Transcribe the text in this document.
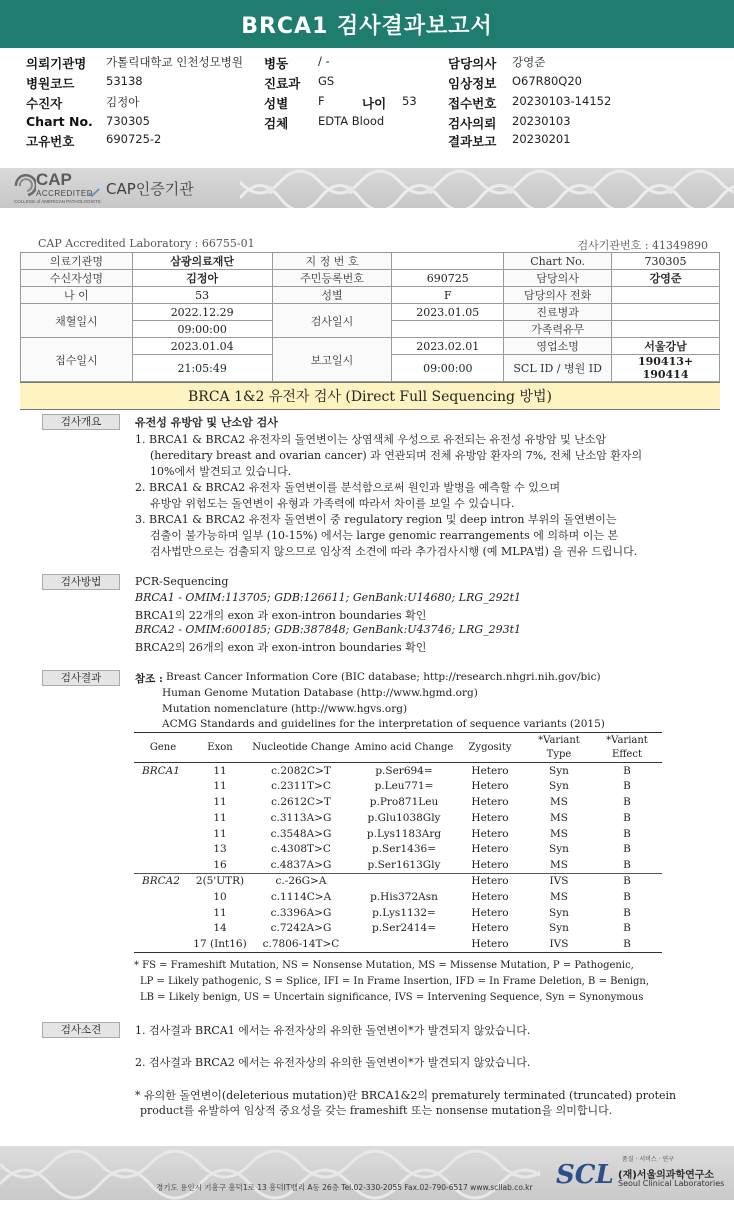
BRCA1 검사결과보고서
의뢰기관명 가톨릭대학교 인천성모병원 병동	/ -	담당의사 강영준
병원코드	53138	진료과 GS	임상정보 O67R80Q20
수진자	김정아	성별	F	나이 53	접수번호 20230103-14152
Chart No. 730305	검체	EDTA Blood	검사의뢰 20230103
고유번호	690725-2	결과보고 20230201
CAP
ACCREDITED
COLLEGE of AMERICAN PATHOLOGISTS
CAP인증기관
CAP Accredited Laboratory : 66755-01	검사기관번호 : 41349890
의료기관명	삼광의료재단	지 정 번 호		Chart No.	730305
수신자성명	김정아	주민등록번호	690725	담당의사	강영준
나 이	53	성별	F	담당의사 전화	
채혈일시	2022.12.29	검사일시	2023.01.05	진료병과	
	09:00:00			가족력유무	
접수일시	2023.01.04	보고일시	2023.02.01	영업소명	서울강남
	21:05:49		09:00:00	SCL ID / 병원 ID	190413+ 190414
BRCA 1&2 유전자 검사 (Direct Full Sequencing 방법)
검사개요	유전성 유방암 및 난소암 검사
1. BRCA1 & BRCA2 유전자의 돌연변이는 상염색체 우성으로 유전되는 유전성 유방암 및 난소암
(hereditary breast and ovarian cancer) 과 연관되며 전체 유방암 환자의 7%, 전체 난소암 환자의
10%에서 발견되고 있습니다.
2. BRCA1 & BRCA2 유전자 돌연변이를 분석함으로써 원인과 발병을 예측할 수 있으며
유방암 위험도는 돌연변이 유형과 가족력에 따라서 차이를 보일 수 있습니다.
3. BRCA1 & BRCA2 유전자 돌연변이 중 regulatory region 및 deep intron 부위의 돌연변이는
검출이 불가능하며 일부 (10-15%) 에서는 large genomic rearrangements 에 의하며 이는 본
검사법만으로는 검출되지 않으므로 임상적 소견에 따라 추가검사시행 (예 MLPA법) 을 권유 드립니다.
검사방법	PCR-Sequencing
BRCA1 - OMIM:113705; GDB:126611; GenBank:U14680; LRG_292t1
BRCA1의 22개의 exon 과 exon-intron boundaries 확인
BRCA2 - OMIM:600185; GDB:387848; GenBank:U43746; LRG_293t1
BRCA2의 26개의 exon 과 exon-intron boundaries 확인
검사결과	참조 : Breast Cancer Information Core (BIC database; http://research.nhgri.nih.gov/bic)
Human Genome Mutation Database (http://www.hgmd.org)
Mutation nomenclature (http://www.hgvs.org)
ACMG Standards and guidelines for the interpretation of sequence variants (2015)
Gene	Exon	Nucleotide Change	Amino acid Change	Zygosity	*Variant Type	*Variant Effect
BRCA1	11	c.2082C>T	p.Ser694=	Hetero	Syn	B
	11	c.2311T>C	p.Leu771=	Hetero	Syn	B
	11	c.2612C>T	p.Pro871Leu	Hetero	MS	B
	11	c.3113A>G	p.Glu1038Gly	Hetero	MS	B
	11	c.3548A>G	p.Lys1183Arg	Hetero	MS	B
	13	c.4308T>C	p.Ser1436=	Hetero	Syn	B
	16	c.4837A>G	p.Ser1613Gly	Hetero	MS	B
BRCA2	2(5'UTR)	c.-26G>A		Hetero	IVS	B
	10	c.1114C>A	p.His372Asn	Hetero	MS	B
	11	c.3396A>G	p.Lys1132=	Hetero	Syn	B
	14	c.7242A>G	p.Ser2414=	Hetero	Syn	B
	17 (Int16)	c.7806-14T>C		Hetero	IVS	B
* FS = Frameshift Mutation, NS = Nonsense Mutation, MS = Missense Mutation, P = Pathogenic,
LP = Likely pathogenic, S = Splice, IFI = In Frame Insertion, IFD = In Frame Deletion, B = Benign,
LB = Likely benign, US = Uncertain significance, IVS = Intervening Sequence, Syn = Synonymous
검사소견	1. 검사결과 BRCA1 에서는 유전자상의 유의한 돌연변이*가 발견되지 않았습니다.
2. 검사결과 BRCA2 에서는 유전자상의 유의한 돌연변이*가 발견되지 않았습니다.
* 유의한 돌연변이(deleterious mutation)란 BRCA1&2의 prematurely terminated (truncated) protein
product를 유발하여 임상적 중요성을 갖는 frameshift 또는 nonsense mutation을 의미합니다.
경기도 용인시 기흥구 흥덕1로 13 흥덕IT밸리 A동 26층 Tel.02-330-2055 Fax.02-790-6517 www.scllab.co.kr SCL
품질 · 서비스 · 연구
(재)서울의과학연구소
Seoul Clinical Laboratories
